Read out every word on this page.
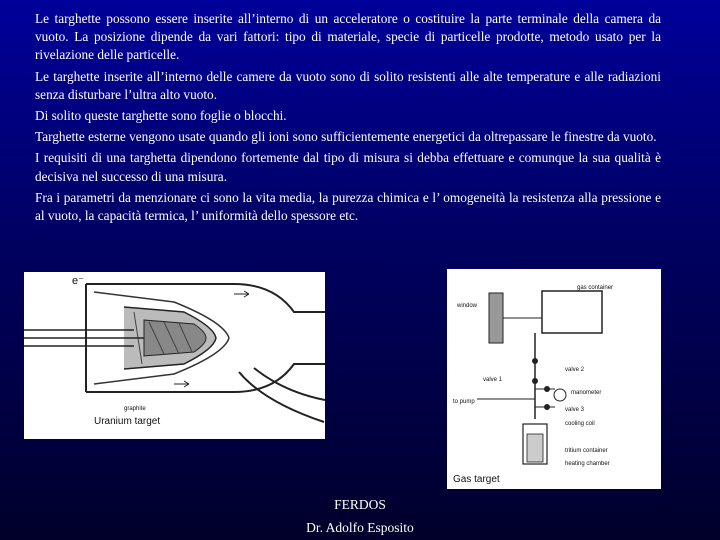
Le targhette possono essere inserite all’interno di un acceleratore o costituire la parte terminale della camera da vuoto. La posizione dipende da vari fattori: tipo di materiale, specie di particelle prodotte, metodo usato per la rivelazione delle particelle.

Le targhette inserite all’interno delle camere da vuoto sono di solito resistenti alle alte temperature e alle radiazioni senza disturbare l’ultra alto vuoto.

Di solito queste targhette sono foglie o blocchi.

Targhette esterne vengono usate quando gli ioni sono sufficientemente energetici da oltrepassare le finestre da vuoto.

I requisiti di una targhetta dipendono fortemente dal tipo di misura si debba effettuare e comunque la sua qualità è decisiva nel successo di una misura.

Fra i parametri da menzionare ci sono la vita media, la purezza chimica e l’ omogeneità la resistenza alla pressione e al vuoto, la capacità termica, l’ uniformità dello spessore etc.

e⁻
graphite
Uranium target
gas container
window
valve 1
valve 2
valve 3
to pump
manometer
cooling coil
tritium container
heating chamber
Gas target
FERDOS
Dr. Adolfo Esposito
